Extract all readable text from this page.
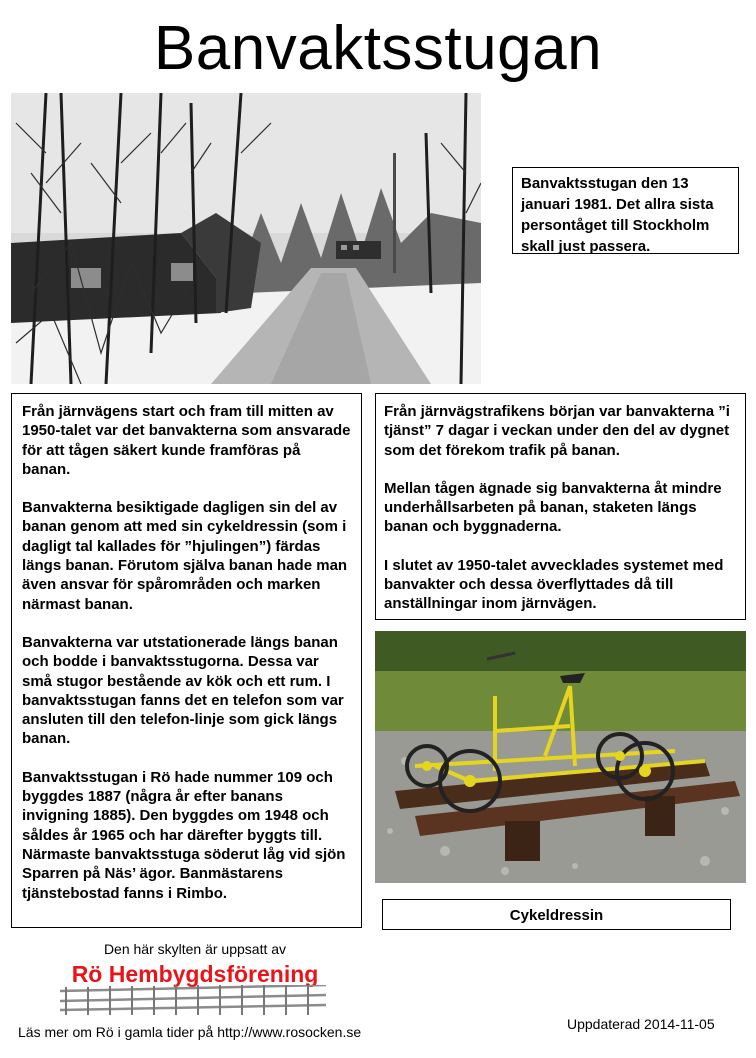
Banvaktsstugan
Banvaktsstugan den 13 januari 1981. Det allra sista persontåget till Stockholm skall just passera.

Från järnvägens start och fram till mitten av 1950-talet var det banvakterna som ansvarade för att tågen säkert kunde framföras på banan.

Banvakterna besiktigade dagligen sin del av banan genom att med sin cykeldressin (som i dagligt tal kallades för ”hjulingen”) färdas längs banan. Förutom själva banan hade man även ansvar för spårområden och marken närmast banan.

Banvakterna var utstationerade längs banan och bodde i banvaktsstugorna. Dessa var små stugor bestående av kök och ett rum. I banvaktsstugan fanns det en telefon som var ansluten till den telefon-linje som gick längs banan.

Banvaktsstugan i Rö hade nummer 109 och byggdes 1887 (några år efter banans invigning 1885). Den byggdes om 1948 och såldes år 1965 och har därefter byggts till. Närmaste banvaktsstuga söderut låg vid sjön Sparren på Näs’ ägor. Banmästarens tjänstebostad fanns i Rimbo.

Från järnvägstrafikens början var banvakterna ”i tjänst” 7 dagar i veckan under den del av dygnet som det förekom trafik på banan.

Mellan tågen ägnade sig banvakterna åt mindre underhållsarbeten på banan, staketen längs banan och byggnaderna.

I slutet av 1950-talet avvecklades systemet med banvakter och dessa överflyttades då till anställningar inom järnvägen.

Cykeldressin
Den här skylten är uppsatt av
Rö Hembygdsförening
Läs mer om Rö i gamla tider på http://www.rosocken.se	Uppdaterad 2014-11-05
